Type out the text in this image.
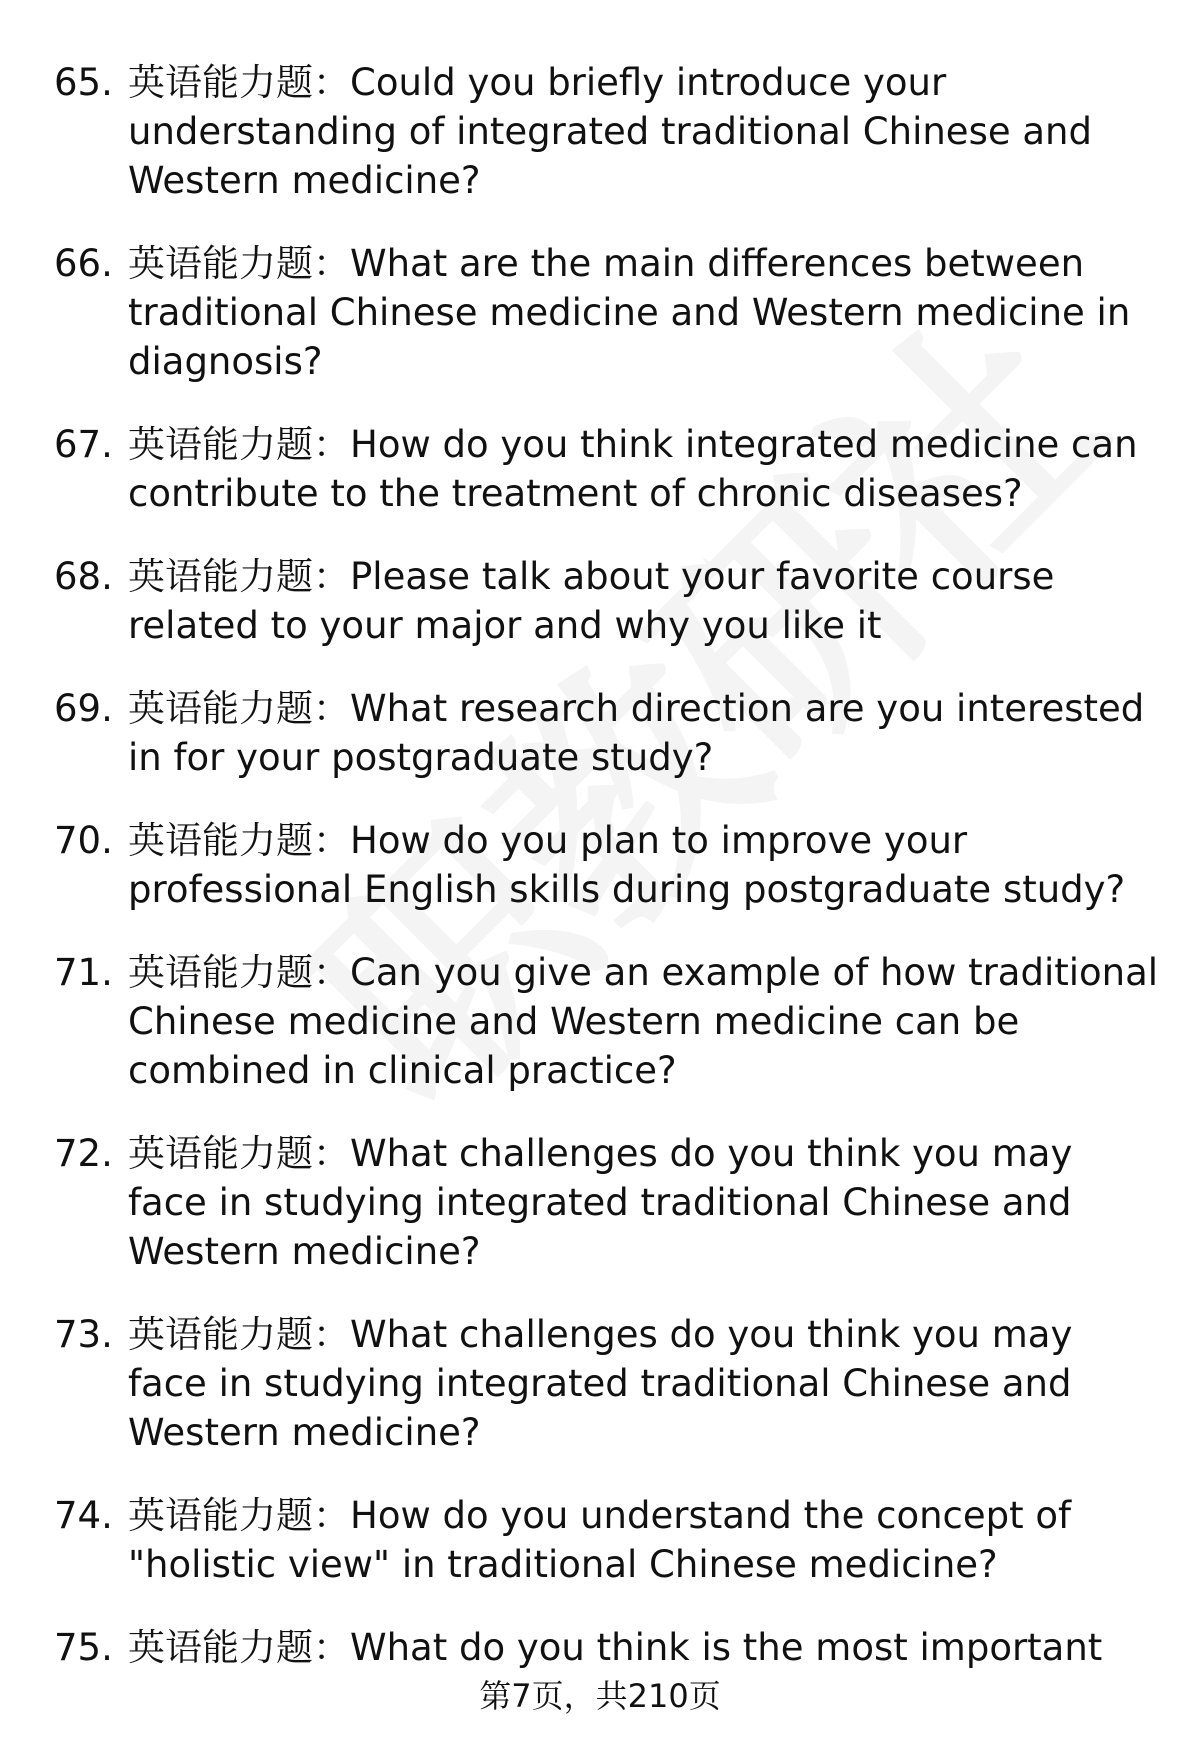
65. 英语能力题：Could you briefly introduce your understanding of integrated traditional Chinese and Western medicine?
66. 英语能力题：What are the main differences between traditional Chinese medicine and Western medicine in diagnosis?
67. 英语能力题：How do you think integrated medicine can contribute to the treatment of chronic diseases?
68. 英语能力题：Please talk about your favorite course related to your major and why you like it
69. 英语能力题：What research direction are you interested in for your postgraduate study?
70. 英语能力题：How do you plan to improve your professional English skills during postgraduate study?
71. 英语能力题：Can you give an example of how traditional Chinese medicine and Western medicine can be combined in clinical practice?
72. 英语能力题：What challenges do you think you may face in studying integrated traditional Chinese and Western medicine?
73. 英语能力题：What challenges do you think you may face in studying integrated traditional Chinese and Western medicine?
74. 英语能力题：How do you understand the concept of "holistic view" in traditional Chinese medicine?
75. 英语能力题：What do you think is the most important
第7页，共210页
